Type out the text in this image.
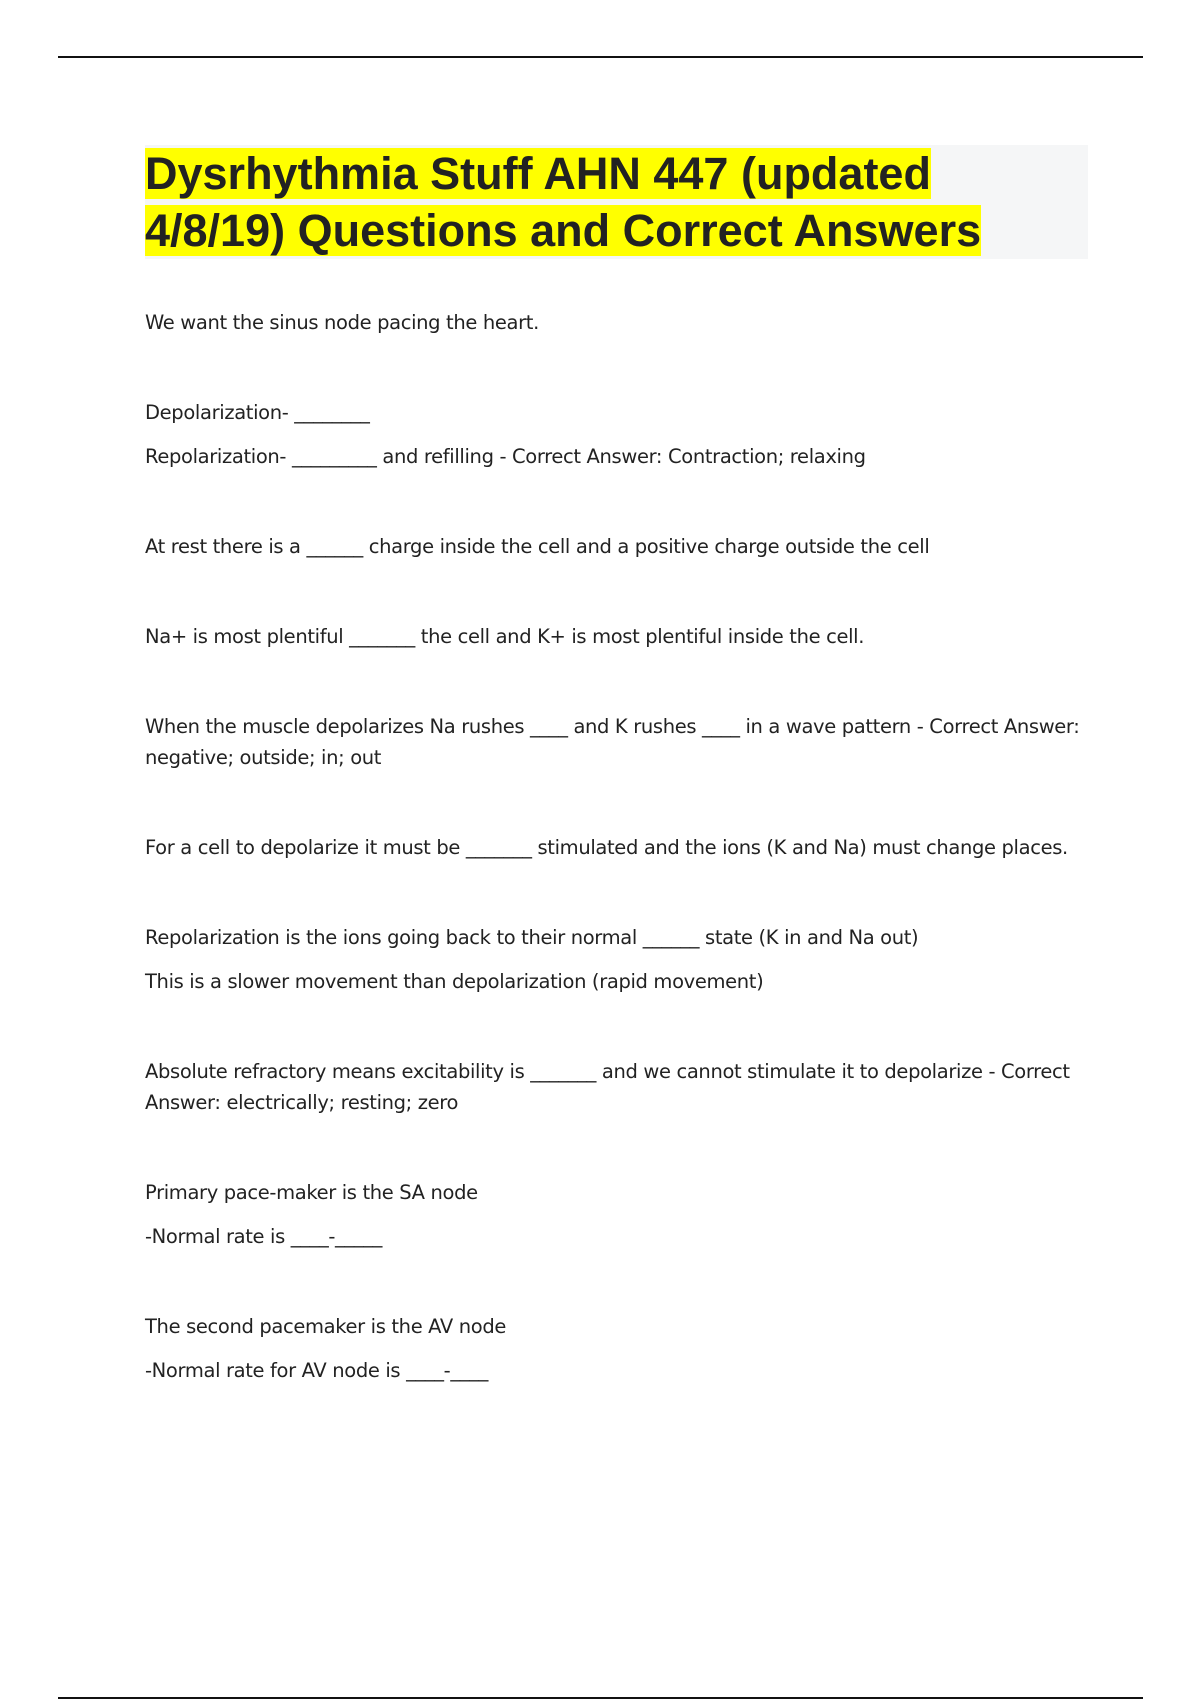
Dysrhythmia Stuff AHN 447 (updated
4/8/19) Questions and Correct Answers

We want the sinus node pacing the heart.

Depolarization- ________

Repolarization- _________ and refilling - Correct Answer: Contraction; relaxing

At rest there is a ______ charge inside the cell and a positive charge outside the cell

Na+ is most plentiful _______ the cell and K+ is most plentiful inside the cell.

When the muscle depolarizes Na rushes ____ and K rushes ____ in a wave pattern - Correct Answer: negative; outside; in; out

For a cell to depolarize it must be _______ stimulated and the ions (K and Na) must change places.

Repolarization is the ions going back to their normal ______ state (K in and Na out)

This is a slower movement than depolarization (rapid movement)

Absolute refractory means excitability is _______ and we cannot stimulate it to depolarize - Correct Answer: electrically; resting; zero

Primary pace-maker is the SA node

-Normal rate is ____-_____

The second pacemaker is the AV node

-Normal rate for AV node is ____-____
